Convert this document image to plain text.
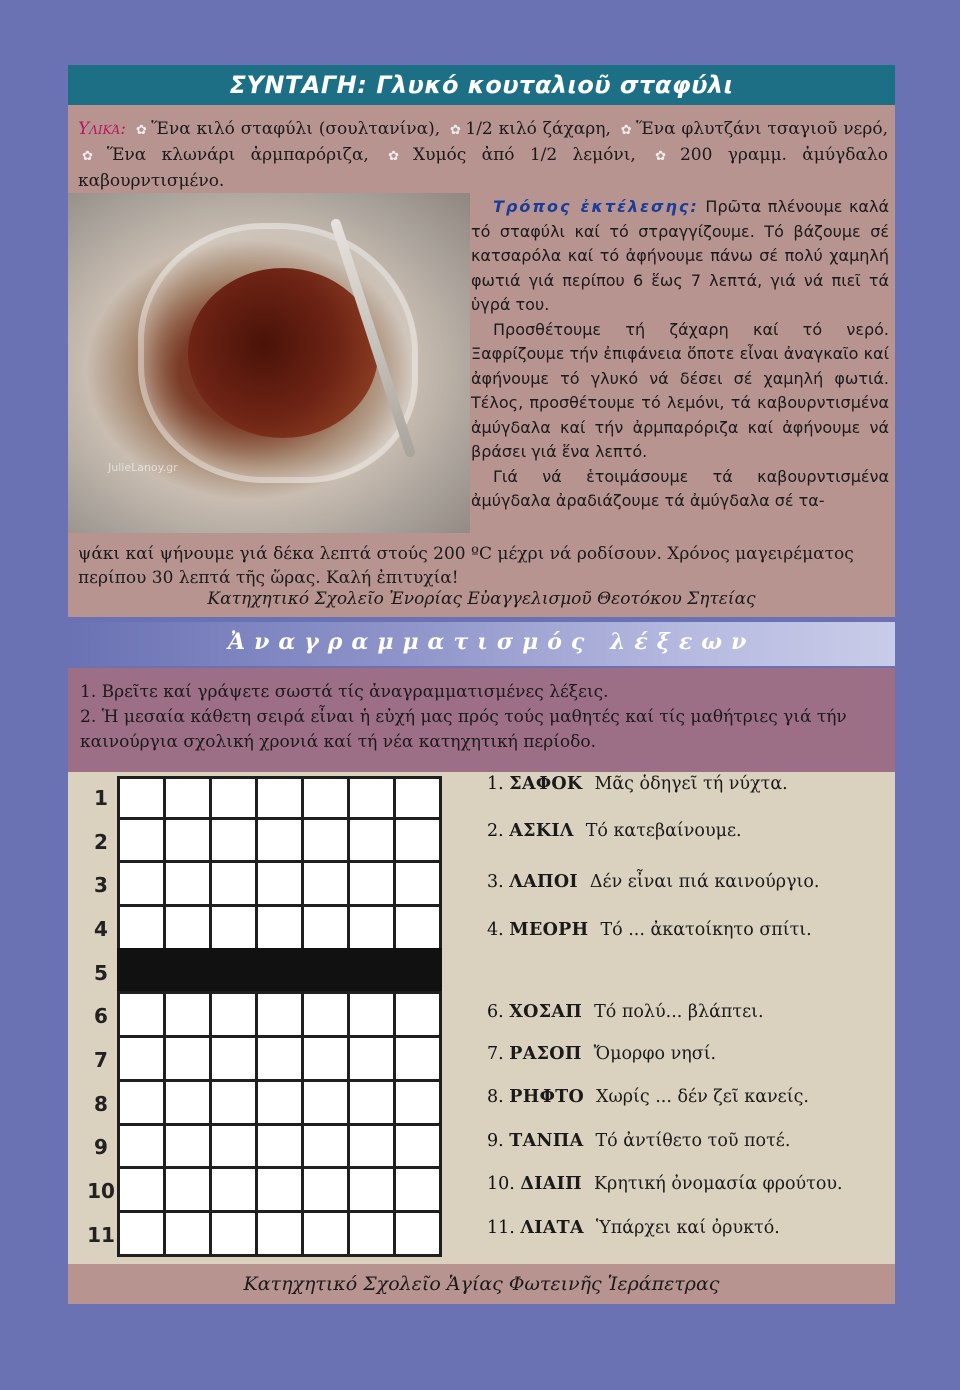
ΣΥΝΤΑΓΗ: Γλυκό κουταλιοῦ σταφύλι
Υλικά: ✿ Ἕνα κιλό σταφύλι (σουλτανίνα), ✿ 1/2 κιλό ζάχαρη, ✿ Ἕνα φλυτζάνι τσαγιοῦ νερό, ✿ Ἕνα κλωνάρι ἀρμπαρόριζα, ✿ Χυμός ἀπό 1/2 λεμόνι, ✿ 200 γραμμ. ἀμύγδαλο καβουρντισμένο.
JulieLanoy.gr

Τρόπος ἐκτέλεσης: Πρῶτα πλένουμε καλά τό σταφύλι καί τό στραγγίζουμε. Τό βάζουμε σέ κατσαρόλα καί τό ἀφήνουμε πάνω σέ πολύ χαμηλή φωτιά γιά περίπου 6 ἕως 7 λεπτά, γιά νά πιεῖ τά ὑγρά του.

Προσθέτουμε τή ζάχαρη καί τό νερό. Ξαφρίζουμε τήν ἐπιφάνεια ὅποτε εἶναι ἀναγκαῖο καί ἀφήνουμε τό γλυκό νά δέσει σέ χαμηλή φωτιά. Τέλος, προσθέτουμε τό λεμόνι, τά καβουρντισμένα ἀμύγδαλα καί τήν ἀρμπαρόριζα καί ἀφήνουμε νά βράσει γιά ἕνα λεπτό.

Γιά νά ἑτοιμάσουμε τά καβουρντισμένα ἀμύγδαλα ἀραδιάζουμε τά ἀμύγδαλα σέ τα-

ψάκι καί ψήνουμε γιά δέκα λεπτά στούς 200 ºC μέχρι νά ροδίσουν. Χρόνος μαγειρέματος περίπου 30 λεπτά τῆς ὥρας. Καλή ἐπιτυχία!
Κατηχητικό Σχολεῖο Ἐνορίας Εὐαγγελισμοῦ Θεοτόκου Σητείας
Ἀναγραμματισμός λέξεων
1. Βρεῖτε καί γράψετε σωστά τίς ἀναγραμματισμένες λέξεις.
2. Ἡ μεσαία κάθετη σειρά εἶναι ἡ εὐχή μας πρός τούς μαθητές καί τίς μαθήτριες γιά τήν καινούργια σχολική χρονιά καί τή νέα κατηχητική περίοδο.
1
2
3
4
5
6
7
8
9
10
11
1. ΣΑΦΟΚ Μᾶς ὁδηγεῖ τή νύχτα.
2. ΑΣΚΙΛ Τό κατεβαίνουμε.
3. ΛΑΠΟΙ Δέν εἶναι πιά καινούργιο.
4. ΜΕΟΡΗ Τό ... ἀκατοίκητο σπίτι.
6. ΧΟΣΑΠ Τό πολύ... βλάπτει.
7. ΡΑΣΟΠ Ὄμορφο νησί.
8. ΡΗΦΤΟ Χωρίς ... δέν ζεῖ κανείς.
9. ΤΑΝΠΑ Τό ἀντίθετο τοῦ ποτέ.
10. ΔΙΑΙΠ Κρητική ὀνομασία φρούτου.
11. ΛΙΑΤΑ Ὑπάρχει καί ὀρυκτό.
Κατηχητικό Σχολεῖο Ἁγίας Φωτεινῆς Ἱεράπετρας
